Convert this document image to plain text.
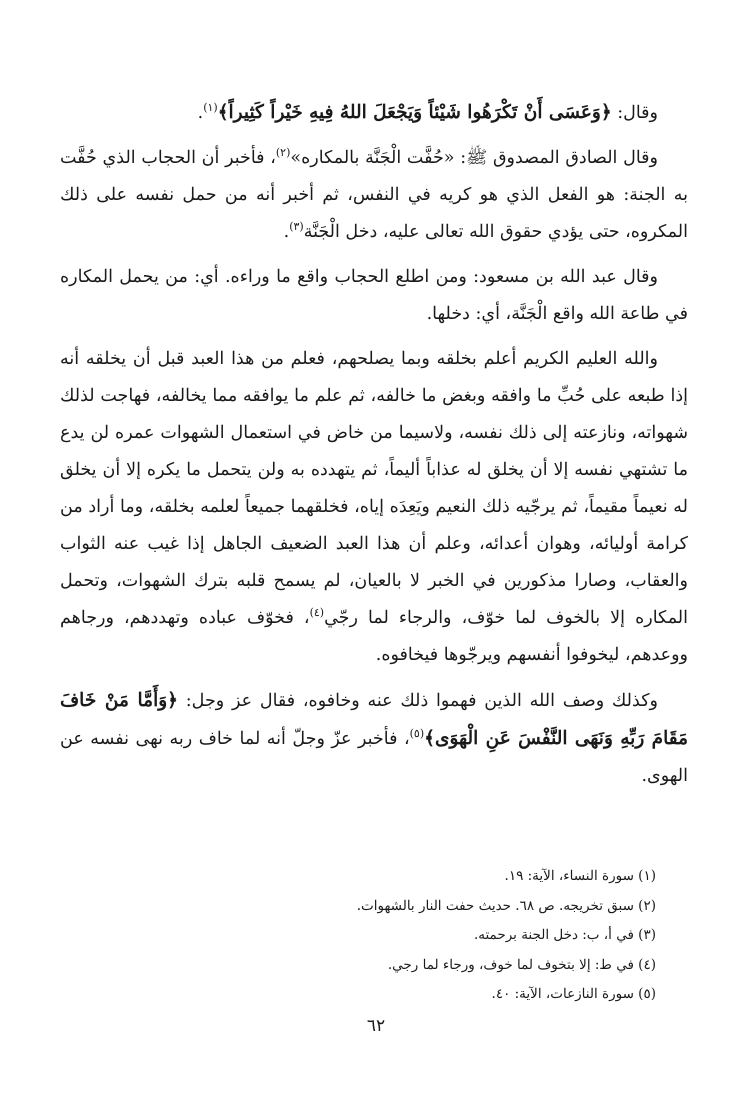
وقال: ﴿وَعَسَى أَنْ تَكْرَهُوا شَيْئاً وَيَجْعَلَ اللهُ فِيهِ خَيْراً كَثِيراً﴾$^{(١)}$.

وقال الصادق المصدوق ﷺ: «حُفَّت الْجَنَّة بالمكاره»$^{(٢)}$، فأخبر أن الحجاب الذي حُفَّت به الجنة: هو الفعل الذي هو كريه في النفس، ثم أخبر أنه من حمل نفسه على ذلك المكروه، حتى يؤدي حقوق الله تعالى عليه، دخل الْجَنَّة$^{(٣)}$.

وقال عبد الله بن مسعود: ومن اطلع الحجاب واقع ما وراءه. أي: من يحمل المكاره في طاعة الله واقع الْجَنَّة، أي: دخلها.

والله العليم الكريم أعلم بخلقه وبما يصلحهم، فعلم من هذا العبد قبل أن يخلقه أنه إذا طبعه على حُبِّ ما وافقه وبغض ما خالفه، ثم علم ما يوافقه مما يخالفه، فهاجت لذلك شهواته، ونازعته إلى ذلك نفسه، ولاسيما من خاض في استعمال الشهوات عمره لن يدع ما تشتهي نفسه إلا أن يخلق له عذاباً أليماً، ثم يتهدده به ولن يتحمل ما يكره إلا أن يخلق له نعيماً مقيماً، ثم يرجّيه ذلك النعيم ويَعِدَه إياه، فخلقهما جميعاً لعلمه بخلقه، وما أراد من كرامة أوليائه، وهوان أعدائه، وعلم أن هذا العبد الضعيف الجاهل إذا غيب عنه الثواب والعقاب، وصارا مذكورين في الخبر لا بالعيان، لم يسمح قلبه بترك الشهوات، وتحمل المكاره إلا بالخوف لما خوّف، والرجاء لما رجّي$^{(٤)}$، فخوّف عباده وتهددهم، ورجاهم ووعدهم، ليخوفوا أنفسهم ويرجّوها فيخافوه.

وكذلك وصف الله الذين فهموا ذلك عنه وخافوه، فقال عز وجل: ﴿وَأَمَّا مَنْ خَافَ مَقَامَ رَبِّهِ وَنَهَى النَّفْسَ عَنِ الْهَوَى﴾$^{(٥)}$، فأخبر عزّ وجلّ أنه لما خاف ربه نهى نفسه عن الهوى.

(١) سورة النساء، الآية: ١٩.

(٢) سبق تخريجه. ص ٦٨. حديث حفت النار بالشهوات.

(٣) في أ، ب: دخل الجنة برحمته.

(٤) في ط: إلا بتخوف لما خوف، ورجاء لما رجي.

(٥) سورة النازعات، الآية: ٤٠.

٦٢
